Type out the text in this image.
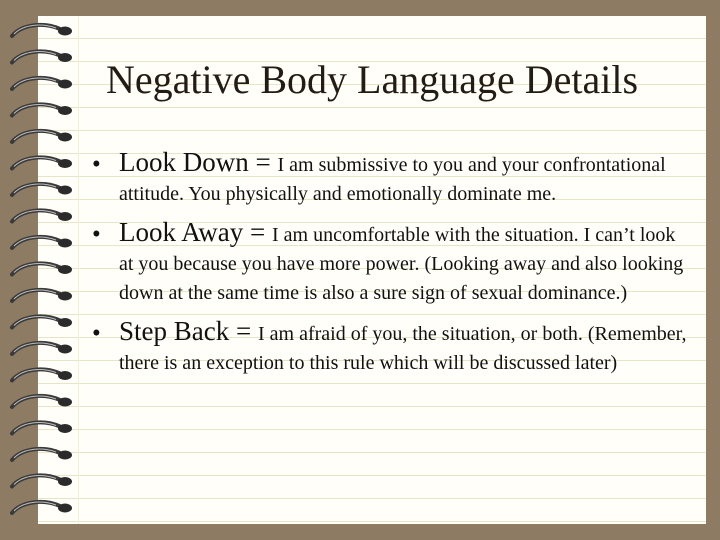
Negative Body Language Details
• Look Down = I am submissive to you and your confrontational attitude. You physically and emotionally dominate me.
• Look Away = I am uncomfortable with the situation. I can’t look at you because you have more power. (Looking away and also looking down at the same time is also a sure sign of sexual dominance.)
• Step Back = I am afraid of you, the situation, or both. (Remember, there is an exception to this rule which will be discussed later)
